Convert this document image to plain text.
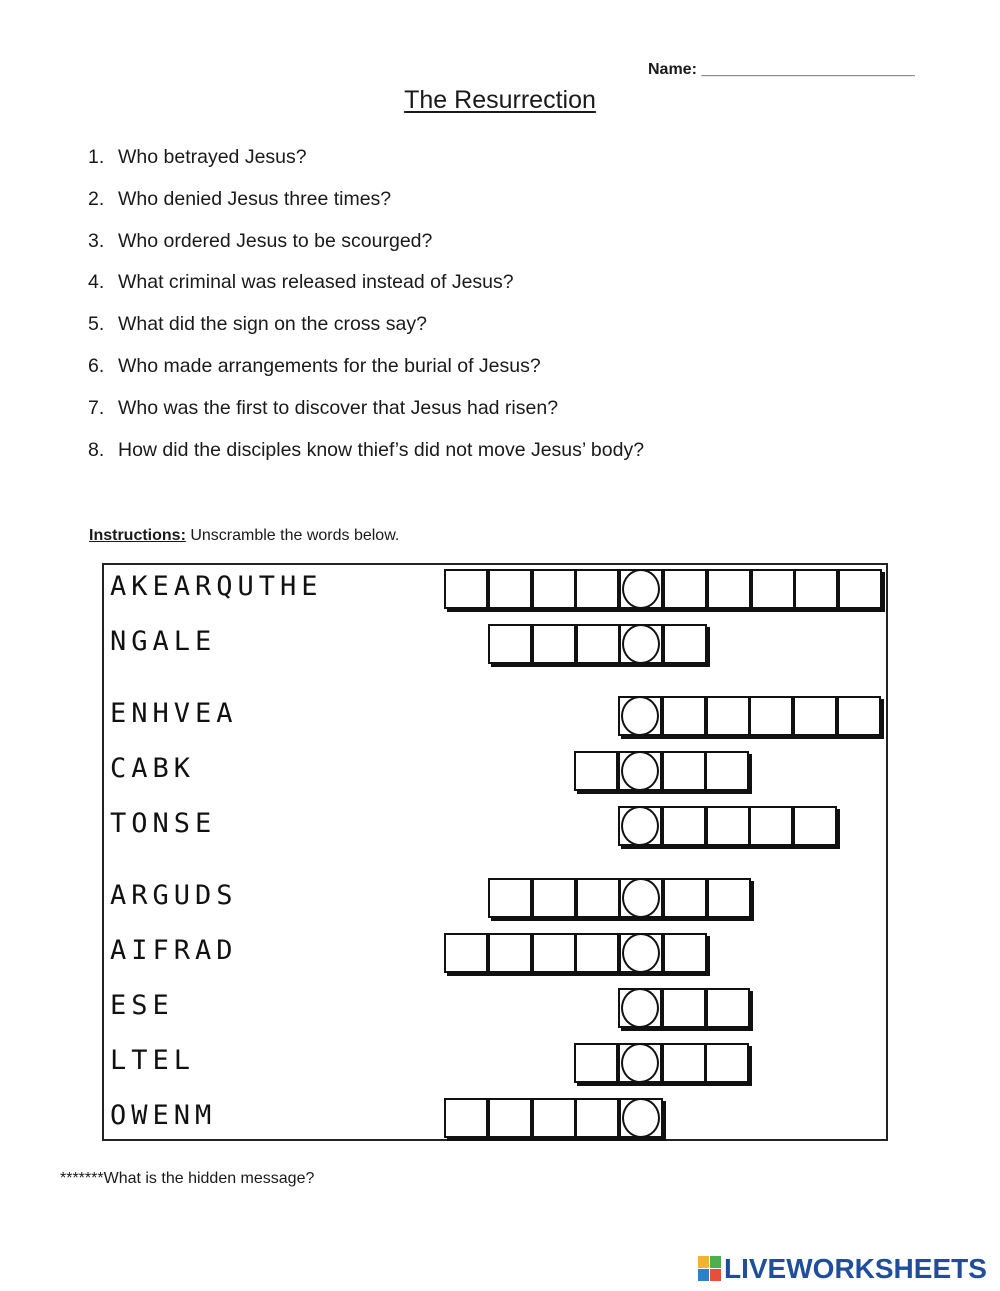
Name: ________________________
The Resurrection
1. Who betrayed Jesus?
2. Who denied Jesus three times?
3. Who ordered Jesus to be scourged?
4. What criminal was released instead of Jesus?
5. What did the sign on the cross say?
6. Who made arrangements for the burial of Jesus?
7. Who was the first to discover that Jesus had risen?
8. How did the disciples know thief’s did not move Jesus’ body?
Instructions: Unscramble the words below.
AKEARQUTHE
NGALE
ENHVEA
CABK
TONSE
ARGUDS
AIFRAD
ESE
LTEL
OWENM
*******What is the hidden message?
LIVEWORKSHEETS
